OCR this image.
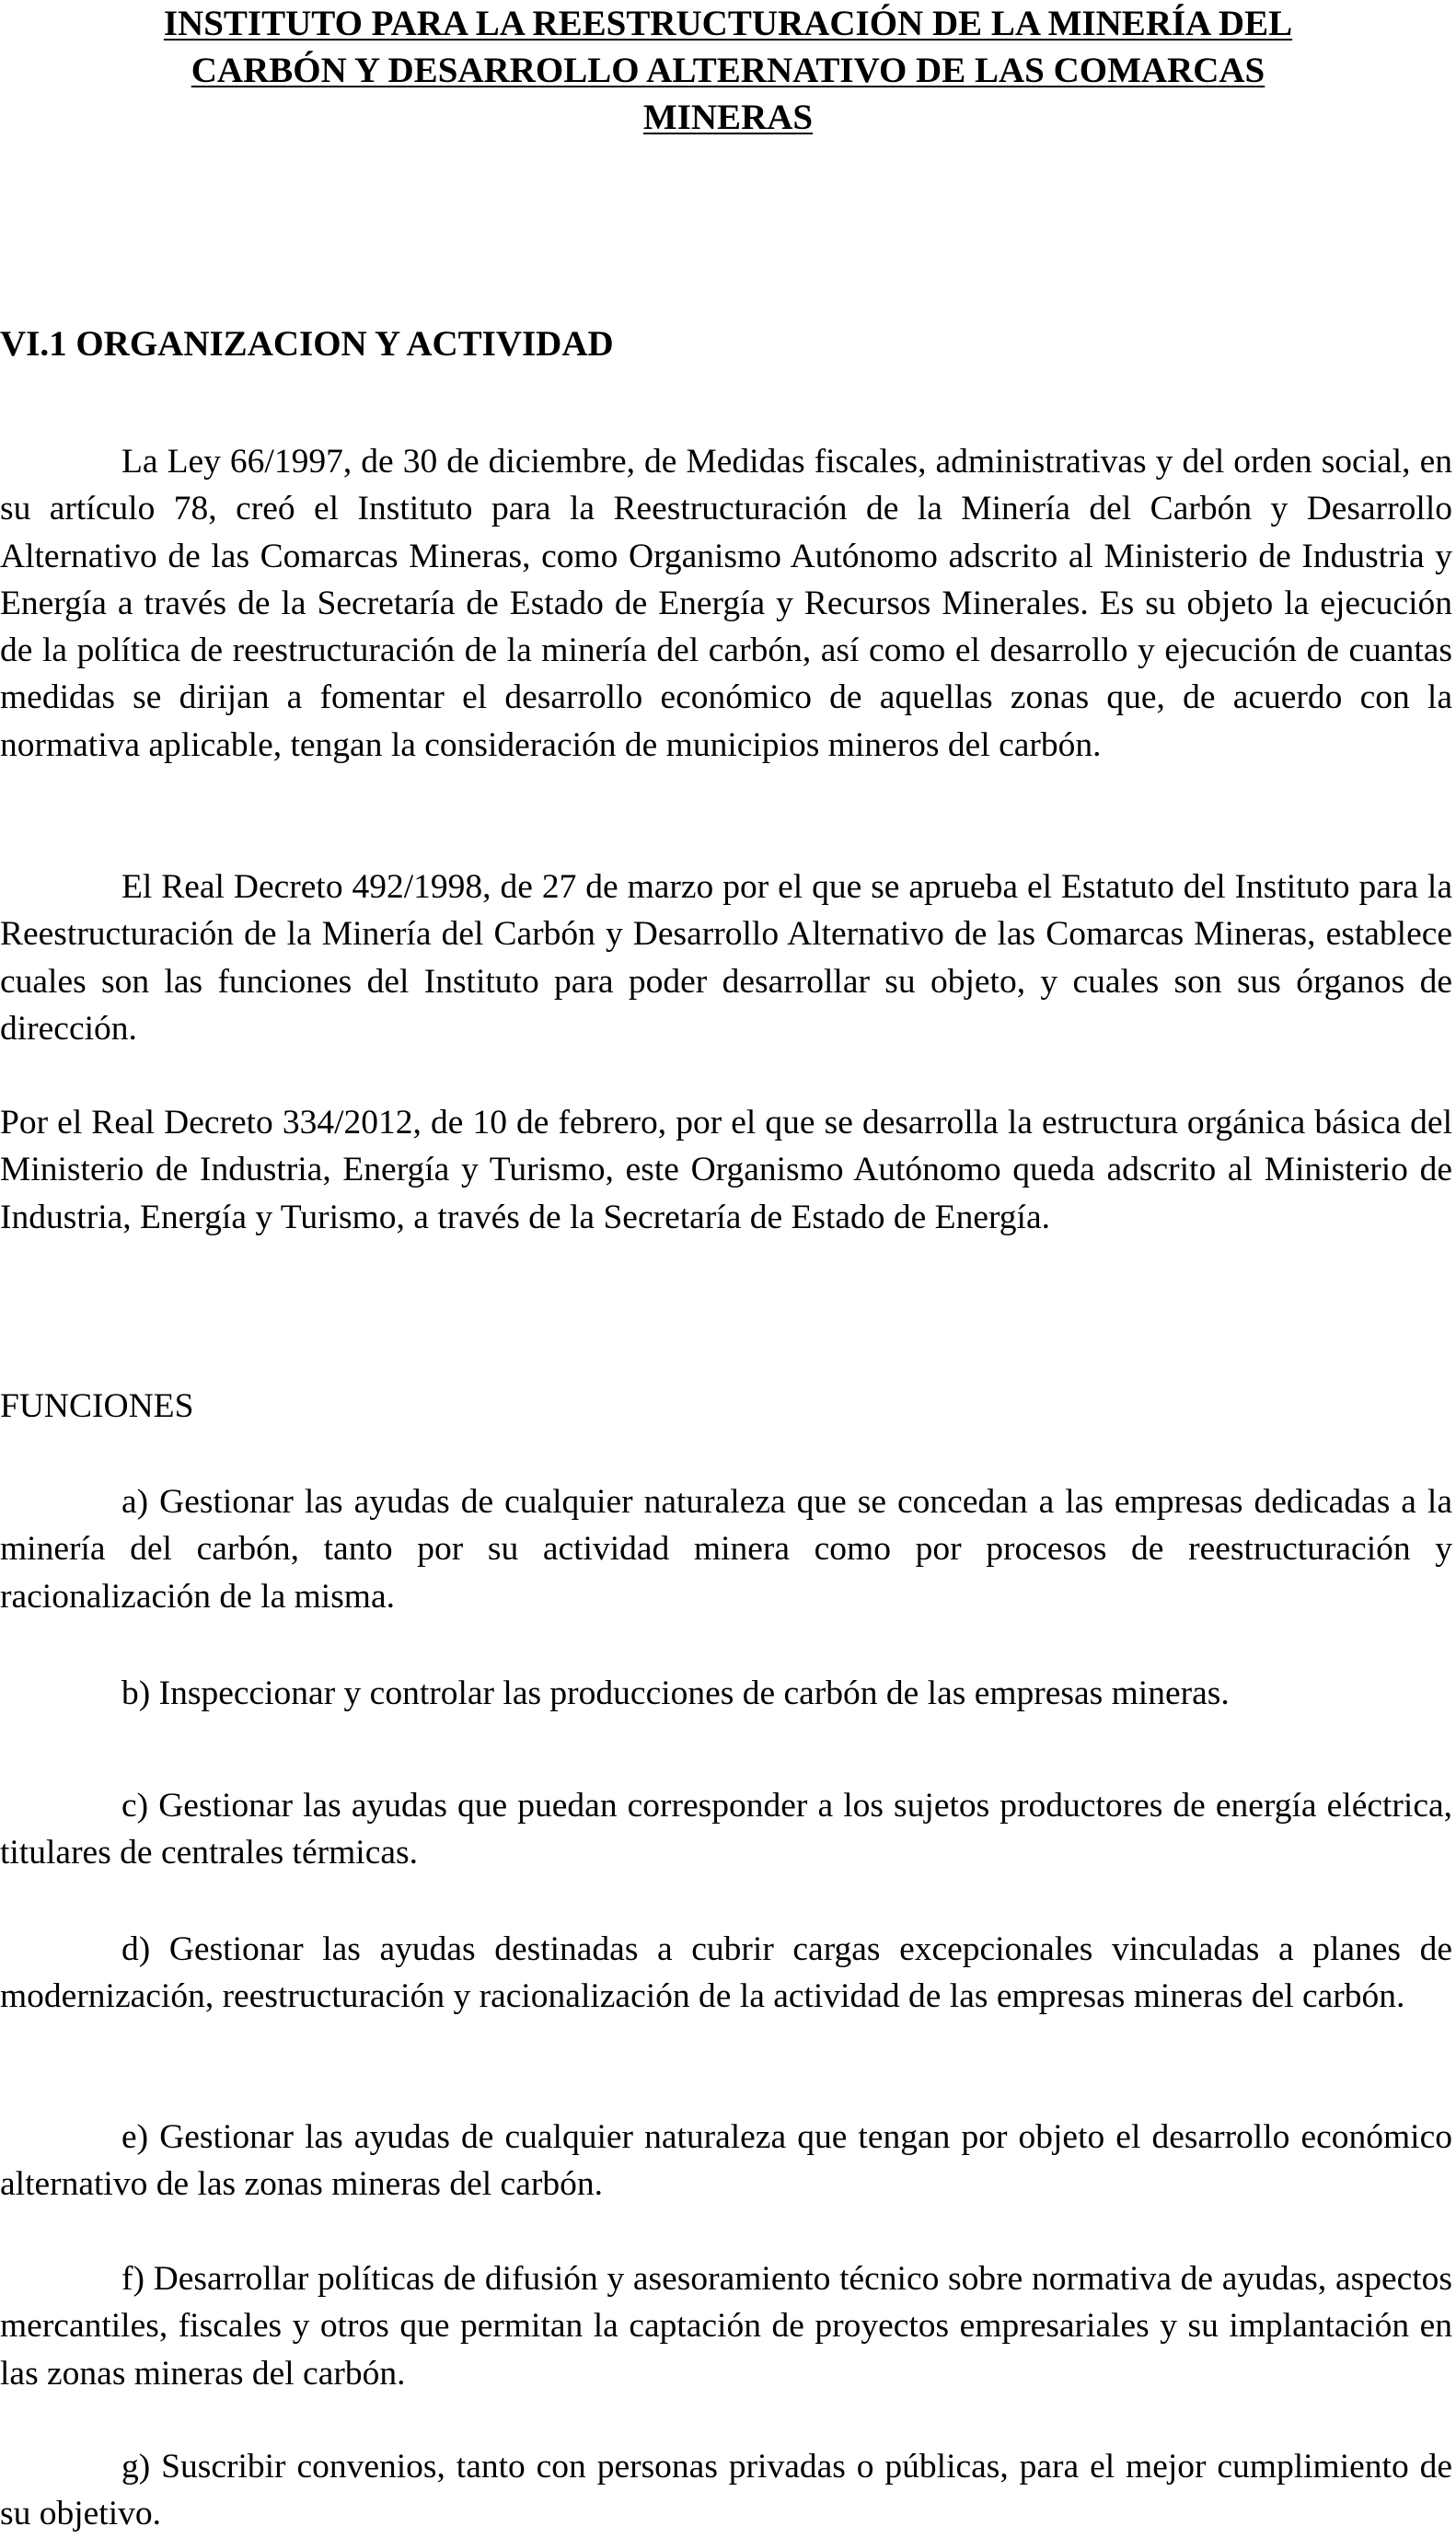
INSTITUTO PARA LA REESTRUCTURACIÓN DE LA MINERÍA DEL
CARBÓN Y DESARROLLO ALTERNATIVO DE LAS COMARCAS
MINERAS
VI.1 ORGANIZACION Y ACTIVIDAD

La Ley 66/1997, de 30 de diciembre, de Medidas fiscales, administrativas y del orden social, en su artículo 78, creó el Instituto para la Reestructuración de la Minería del Carbón y Desarrollo Alternativo de las Comarcas Mineras, como Organismo Autónomo adscrito al Ministerio de Industria y Energía a través de la Secretaría de Estado de Energía y Recursos Minerales. Es su objeto la ejecución de la política de reestructuración de la minería del carbón, así como el desarrollo y ejecución de cuantas medidas se dirijan a fomentar el desarrollo económico de aquellas zonas que, de acuerdo con la normativa aplicable, tengan la consideración de municipios mineros del carbón.

El Real Decreto 492/1998, de 27 de marzo por el que se aprueba el Estatuto del Instituto para la Reestructuración de la Minería del Carbón y Desarrollo Alternativo de las Comarcas Mineras, establece cuales son las funciones del Instituto para poder desarrollar su objeto, y cuales son sus órganos de dirección.

Por el Real Decreto 334/2012, de 10 de febrero, por el que se desarrolla la estructura orgánica básica del Ministerio de Industria, Energía y Turismo, este Organismo Autónomo queda adscrito al Ministerio de Industria, Energía y Turismo, a través de la Secretaría de Estado de Energía.

FUNCIONES

a) Gestionar las ayudas de cualquier naturaleza que se concedan a las empresas dedicadas a la minería del carbón, tanto por su actividad minera como por procesos de reestructuración y racionalización de la misma.

b) Inspeccionar y controlar las producciones de carbón de las empresas mineras.

c) Gestionar las ayudas que puedan corresponder a los sujetos productores de energía eléctrica, titulares de centrales térmicas.

d) Gestionar las ayudas destinadas a cubrir cargas excepcionales vinculadas a planes de modernización, reestructuración y racionalización de la actividad de las empresas mineras del carbón.

e) Gestionar las ayudas de cualquier naturaleza que tengan por objeto el desarrollo económico alternativo de las zonas mineras del carbón.

f) Desarrollar políticas de difusión y asesoramiento técnico sobre normativa de ayudas, aspectos mercantiles, fiscales y otros que permitan la captación de proyectos empresariales y su implantación en las zonas mineras del carbón.

g) Suscribir convenios, tanto con personas privadas o públicas, para el mejor cumplimiento de su objetivo.
